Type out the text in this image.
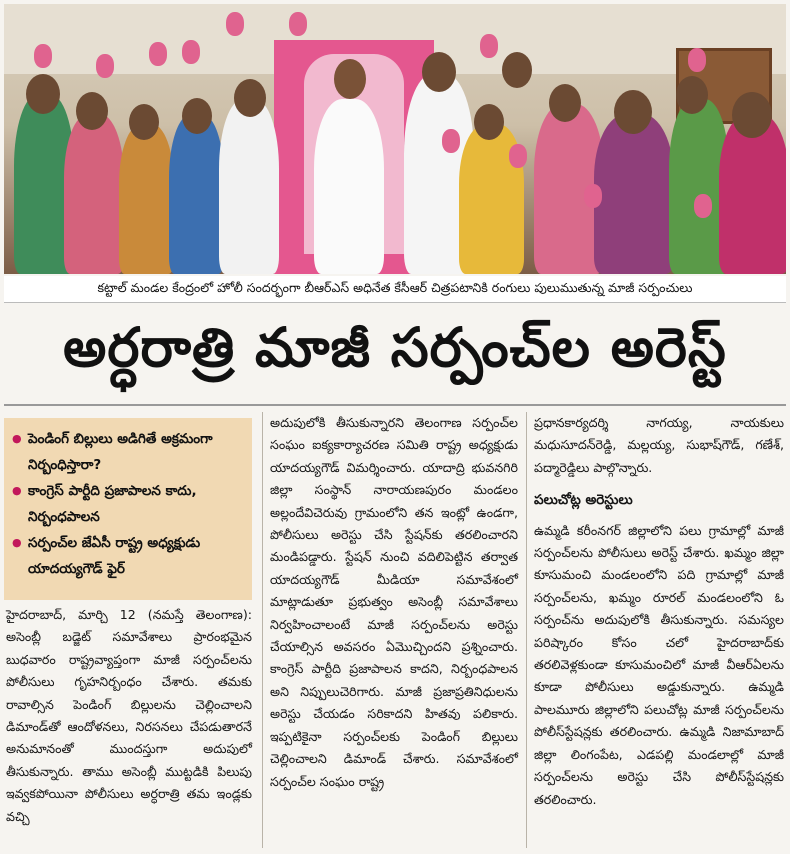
కట్టాల్ మండల కేంద్రంలో హోలీ సందర్భంగా బీఆర్ఎస్ అధినేత కేసీఆర్ చిత్రపటానికి రంగులు పులుముతున్న మాజీ సర్పంచులు
అర్ధరాత్రి మాజీ సర్పంచ్‌ల అరెస్ట్
● పెండింగ్ బిల్లులు అడిగితే అక్రమంగా నిర్బంధిస్తారా?
● కాంగ్రెస్ పార్టీది ప్రజాపాలన కాదు, నిర్బంధపాలన
● సర్పంచ్‌ల జేఏసీ రాష్ట్ర అధ్యక్షుడు యాదయ్యగౌడ్ ఫైర్

హైదరాబాద్, మార్చి 12 (నమస్తే తెలంగాణ): అసెంబ్లీ బడ్జెట్ సమావేశాలు ప్రారంభమైన బుధవారం రాష్ట్రవ్యాప్తంగా మాజీ సర్పంచ్‌లను పోలీసులు గృహనిర్బంధం చేశారు. తమకు రావాల్సిన పెండింగ్ బిల్లులను చెల్లించాలని డిమాండ్‌తో ఆందోళనలు, నిరసనలు చేపడుతారనే అనుమానంతో ముందస్తుగా అదుపులో తీసుకున్నారు. తాము అసెంబ్లీ ముట్టడికి పిలుపు ఇవ్వకపోయినా పోలీసులు అర్ధరాత్రి తమ ఇండ్లకు వచ్చి

అదుపులోకి తీసుకున్నారని తెలంగాణ సర్పంచ్‌ల సంఘం ఐక్యకార్యాచరణ సమితి రాష్ట్ర అధ్యక్షుడు యాదయ్యగౌడ్ విమర్శించారు. యాదాద్రి భువనగిరి జిల్లా సంస్థాన్ నారాయణపురం మండలం అల్లందేవిచెరువు గ్రామంలోని తన ఇంట్లో ఉండగా, పోలీసులు అరెస్టు చేసి స్టేషన్‌కు తరలించారని మండిపడ్డారు. స్టేషన్ నుంచి వదిలిపెట్టిన తర్వాత యాదయ్యగౌడ్ మీడియా సమావేశంలో మాట్లాడుతూ ప్రభుత్వం అసెంబ్లీ సమావేశాలు నిర్వహించాలంటే మాజీ సర్పంచ్‌లను అరెస్టు చేయాల్సిన అవసరం ఏమొచ్చిందని ప్రశ్నించారు. కాంగ్రెస్ పార్టీది ప్రజాపాలన కాదని, నిర్బంధపాలన అని నిప్పులుచెరిగారు. మాజీ ప్రజాప్రతినిధులను అరెస్టు చేయడం సరికాదని హితవు పలికారు. ఇప్పటికైనా సర్పంచ్‌లకు పెండింగ్ బిల్లులు చెల్లించాలని డిమాండ్ చేశారు. సమావేశంలో సర్పంచ్‌ల సంఘం రాష్ట్ర

ప్రధానకార్యదర్శి నాగయ్య, నాయకులు మధుసూదన్‌రెడ్డి, మల్లయ్య, సుభాష్‌గౌడ్, గణేశ్, పద్మారెడ్డిలు పాల్గొన్నారు.

పలుచోట్ల అరెస్టులు

ఉమ్మడి కరీంనగర్ జిల్లాలోని పలు గ్రామాల్లో మాజీ సర్పంచ్‌లను పోలీసులు అరెస్ట్ చేశారు. ఖమ్మం జిల్లా కూసుమంచి మండలంలోని పది గ్రామాల్లో మాజీ సర్పంచ్‌లను, ఖమ్మం రూరల్ మండలంలోని ఓ సర్పంచ్‌ను అదుపులోకి తీసుకున్నారు. సమస్యల పరిష్కారం కోసం చలో హైదరాబాద్‌కు తరలివెళ్లకుండా కూసుమంచిలో మాజీ వీఆర్ఏలను కూడా పోలీసులు అడ్డుకున్నారు. ఉమ్మడి పాలమూరు జిల్లాలోని పలుచోట్ల మాజీ సర్పంచ్‌లను పోలీస్‌స్టేషన్లకు తరలించారు. ఉమ్మడి నిజామాబాద్ జిల్లా లింగంపేట, ఎడపల్లి మండలాల్లో మాజీ సర్పంచ్‌లను అరెస్టు చేసి పోలీస్‌స్టేషన్లకు తరలించారు.
